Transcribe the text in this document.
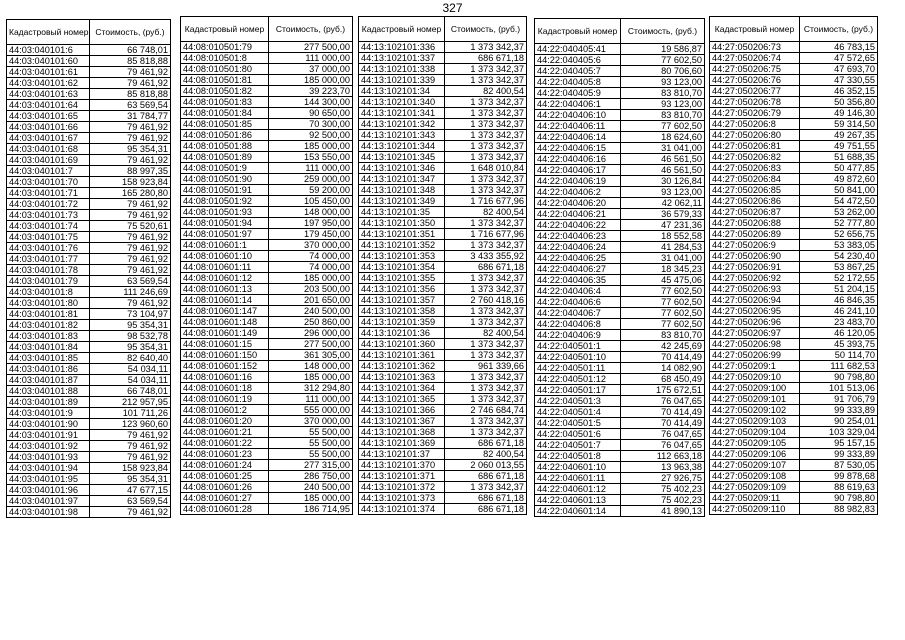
327
Кадастровый номер	Стоимость, (руб.)
44:03:040101:6	66 748,01
44:03:040101:60	85 818,88
44:03:040101:61	79 461,92
44:03:040101:62	79 461,92
44:03:040101:63	85 818,88
44:03:040101:64	63 569,54
44:03:040101:65	31 784,77
44:03:040101:66	79 461,92
44:03:040101:67	79 461,92
44:03:040101:68	95 354,31
44:03:040101:69	79 461,92
44:03:040101:7	88 997,35
44:03:040101:70	158 923,84
44:03:040101:71	165 280,80
44:03:040101:72	79 461,92
44:03:040101:73	79 461,92
44:03:040101:74	75 520,61
44:03:040101:75	79 461,92
44:03:040101:76	79 461,92
44:03:040101:77	79 461,92
44:03:040101:78	79 461,92
44:03:040101:79	63 569,54
44:03:040101:8	111 246,69
44:03:040101:80	79 461,92
44:03:040101:81	73 104,97
44:03:040101:82	95 354,31
44:03:040101:83	98 532,78
44:03:040101:84	95 354,31
44:03:040101:85	82 640,40
44:03:040101:86	54 034,11
44:03:040101:87	54 034,11
44:03:040101:88	66 748,01
44:03:040101:89	212 957,95
44:03:040101:9	101 711,26
44:03:040101:90	123 960,60
44:03:040101:91	79 461,92
44:03:040101:92	79 461,92
44:03:040101:93	79 461,92
44:03:040101:94	158 923,84
44:03:040101:95	95 354,31
44:03:040101:96	47 677,15
44:03:040101:97	63 569,54
44:03:040101:98	79 461,92
Кадастровый номер	Стоимость, (руб.)
44:08:010501:79	277 500,00
44:08:010501:8	111 000,00
44:08:010501:80	37 000,00
44:08:010501:81	185 000,00
44:08:010501:82	39 223,70
44:08:010501:83	144 300,00
44:08:010501:84	90 650,00
44:08:010501:85	70 300,00
44:08:010501:86	92 500,00
44:08:010501:88	185 000,00
44:08:010501:89	153 550,00
44:08:010501:9	111 000,00
44:08:010501:90	259 000,00
44:08:010501:91	59 200,00
44:08:010501:92	105 450,00
44:08:010501:93	148 000,00
44:08:010501:94	197 950,00
44:08:010501:97	179 450,00
44:08:010601:1	370 000,00
44:08:010601:10	74 000,00
44:08:010601:11	74 000,00
44:08:010601:12	185 000,00
44:08:010601:13	203 500,00
44:08:010601:14	201 650,00
44:08:010601:147	240 500,00
44:08:010601:148	250 860,00
44:08:010601:149	296 000,00
44:08:010601:15	277 500,00
44:08:010601:150	361 305,00
44:08:010601:152	148 000,00
44:08:010601:16	185 000,00
44:08:010601:18	312 294,80
44:08:010601:19	111 000,00
44:08:010601:2	555 000,00
44:08:010601:20	370 000,00
44:08:010601:21	55 500,00
44:08:010601:22	55 500,00
44:08:010601:23	55 500,00
44:08:010601:24	277 315,00
44:08:010601:25	286 750,00
44:08:010601:26	240 500,00
44:08:010601:27	185 000,00
44:08:010601:28	186 714,95
Кадастровый номер	Стоимость, (руб.)
44:13:102101:336	1 373 342,37
44:13:102101:337	686 671,18
44:13:102101:338	1 373 342,37
44:13:102101:339	1 373 342,37
44:13:102101:34	82 400,54
44:13:102101:340	1 373 342,37
44:13:102101:341	1 373 342,37
44:13:102101:342	1 373 342,37
44:13:102101:343	1 373 342,37
44:13:102101:344	1 373 342,37
44:13:102101:345	1 373 342,37
44:13:102101:346	1 648 010,84
44:13:102101:347	1 373 342,37
44:13:102101:348	1 373 342,37
44:13:102101:349	1 716 677,96
44:13:102101:35	82 400,54
44:13:102101:350	1 373 342,37
44:13:102101:351	1 716 677,96
44:13:102101:352	1 373 342,37
44:13:102101:353	3 433 355,92
44:13:102101:354	686 671,18
44:13:102101:355	1 373 342,37
44:13:102101:356	1 373 342,37
44:13:102101:357	2 760 418,16
44:13:102101:358	1 373 342,37
44:13:102101:359	1 373 342,37
44:13:102101:36	82 400,54
44:13:102101:360	1 373 342,37
44:13:102101:361	1 373 342,37
44:13:102101:362	961 339,66
44:13:102101:363	1 373 342,37
44:13:102101:364	1 373 342,37
44:13:102101:365	1 373 342,37
44:13:102101:366	2 746 684,74
44:13:102101:367	1 373 342,37
44:13:102101:368	1 373 342,37
44:13:102101:369	686 671,18
44:13:102101:37	82 400,54
44:13:102101:370	2 060 013,55
44:13:102101:371	686 671,18
44:13:102101:372	1 373 342,37
44:13:102101:373	686 671,18
44:13:102101:374	686 671,18
Кадастровый номер	Стоимость, (руб.)
44:22:040405:41	19 586,87
44:22:040405:6	77 602,50
44:22:040405:7	80 706,60
44:22:040405:8	93 123,00
44:22:040405:9	83 810,70
44:22:040406:1	93 123,00
44:22:040406:10	83 810,70
44:22:040406:11	77 602,50
44:22:040406:14	18 624,60
44:22:040406:15	31 041,00
44:22:040406:16	46 561,50
44:22:040406:17	46 561,50
44:22:040406:19	30 126,84
44:22:040406:2	93 123,00
44:22:040406:20	42 062,11
44:22:040406:21	36 579,33
44:22:040406:22	47 231,36
44:22:040406:23	18 552,58
44:22:040406:24	41 284,53
44:22:040406:25	31 041,00
44:22:040406:27	18 345,23
44:22:040406:35	45 475,06
44:22:040406:4	77 602,50
44:22:040406:6	77 602,50
44:22:040406:7	77 602,50
44:22:040406:8	77 602,50
44:22:040406:9	83 810,70
44:22:040501:1	42 245,69
44:22:040501:10	70 414,49
44:22:040501:11	14 082,90
44:22:040501:12	68 450,49
44:22:040501:17	175 672,51
44:22:040501:3	76 047,65
44:22:040501:4	70 414,49
44:22:040501:5	70 414,49
44:22:040501:6	76 047,65
44:22:040501:7	76 047,65
44:22:040501:8	112 663,18
44:22:040601:10	13 963,38
44:22:040601:11	27 926,75
44:22:040601:12	75 402,23
44:22:040601:13	75 402,23
44:22:040601:14	41 890,13
Кадастровый номер	Стоимость, (руб.)
44:27:050206:73	46 783,15
44:27:050206:74	47 572,65
44:27:050206:75	47 693,70
44:27:050206:76	47 330,55
44:27:050206:77	46 352,15
44:27:050206:78	50 356,80
44:27:050206:79	49 146,30
44:27:050206:8	59 314,50
44:27:050206:80	49 267,35
44:27:050206:81	49 751,55
44:27:050206:82	51 688,35
44:27:050206:83	50 477,85
44:27:050206:84	49 872,60
44:27:050206:85	50 841,00
44:27:050206:86	54 472,50
44:27:050206:87	53 262,00
44:27:050206:88	52 777,80
44:27:050206:89	52 656,75
44:27:050206:9	53 383,05
44:27:050206:90	54 230,40
44:27:050206:91	53 867,25
44:27:050206:92	52 172,55
44:27:050206:93	51 204,15
44:27:050206:94	46 846,35
44:27:050206:95	46 241,10
44:27:050206:96	23 483,70
44:27:050206:97	46 120,05
44:27:050206:98	45 393,75
44:27:050206:99	50 114,70
44:27:050209:1	111 682,53
44:27:050209:10	90 798,80
44:27:050209:100	101 513,06
44:27:050209:101	91 706,79
44:27:050209:102	99 333,89
44:27:050209:103	90 254,01
44:27:050209:104	103 329,04
44:27:050209:105	95 157,15
44:27:050209:106	99 333,89
44:27:050209:107	87 530,05
44:27:050209:108	99 878,68
44:27:050209:109	88 619,63
44:27:050209:11	90 798,80
44:27:050209:110	88 982,83
